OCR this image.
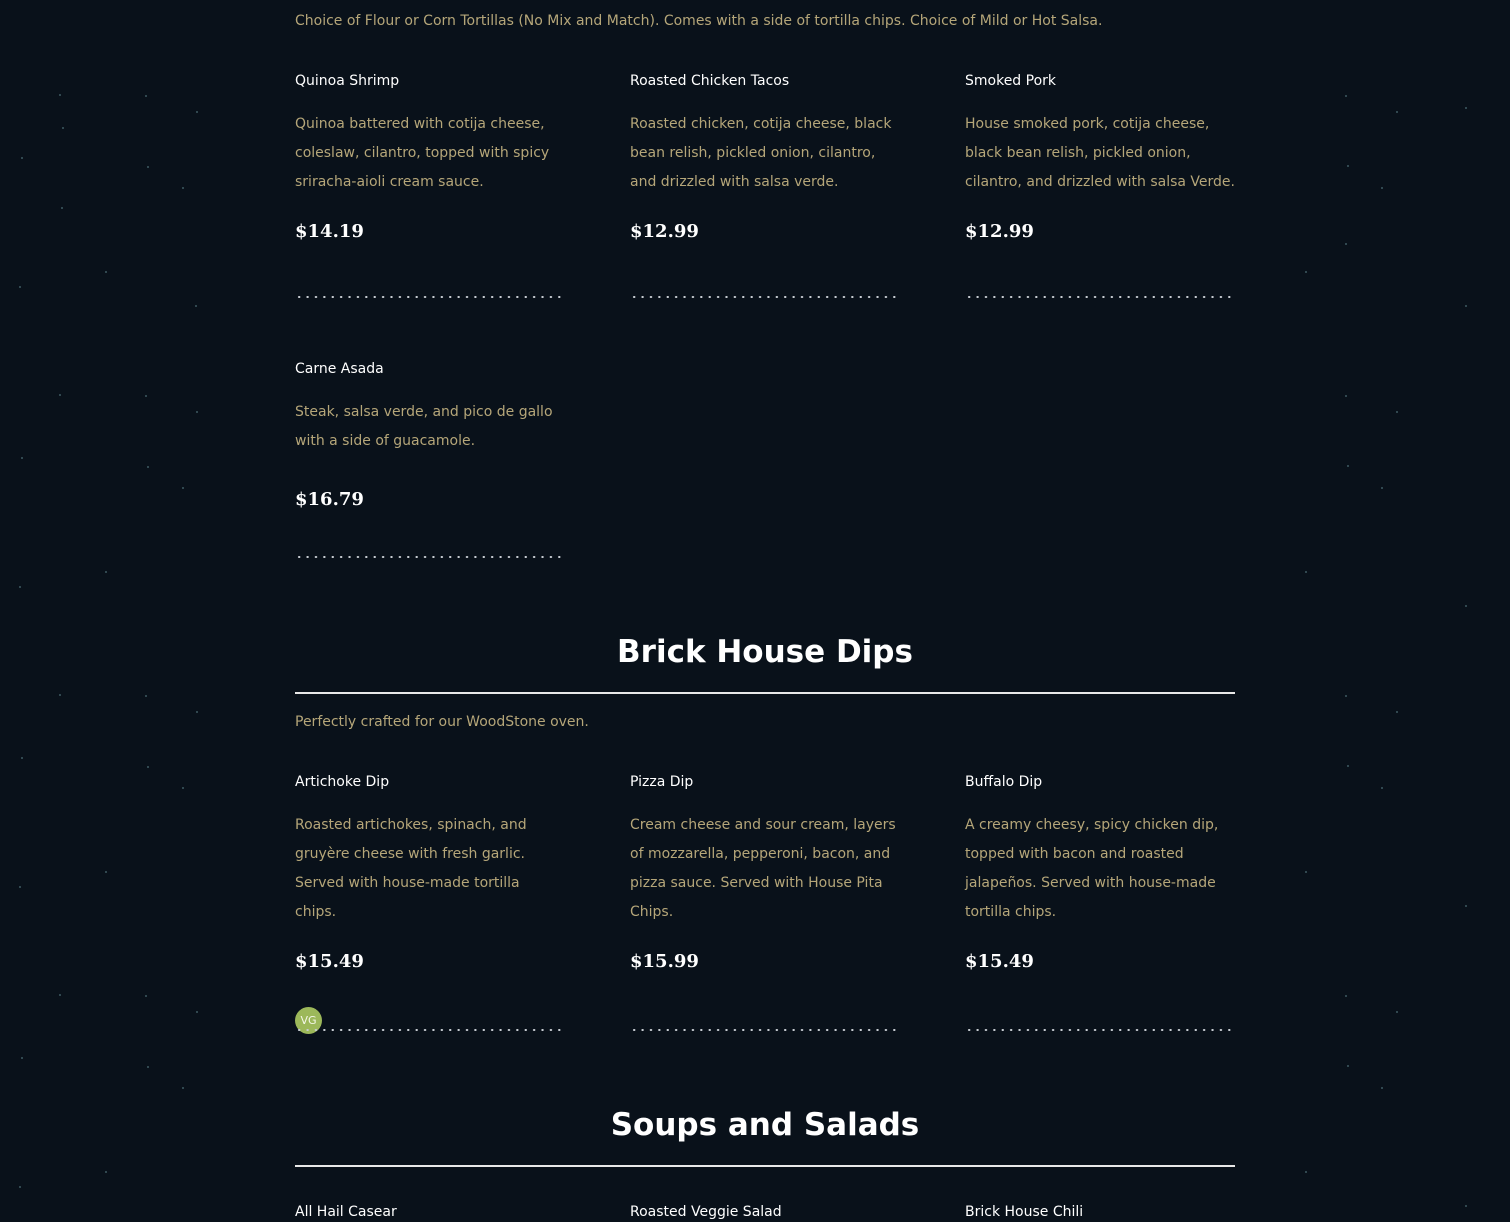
Choice of Flour or Corn Tortillas (No Mix and Match). Comes with a side of tortilla chips. Choice of Mild or Hot Salsa.
Quinoa Shrimp
Quinoa battered with cotija cheese, coleslaw, cilantro, topped with spicy sriracha-aioli cream sauce.
$14.19
Roasted Chicken Tacos
Roasted chicken, cotija cheese, black bean relish, pickled onion, cilantro, and drizzled with salsa verde.
$12.99
Smoked Pork
House smoked pork, cotija cheese, black bean relish, pickled onion, cilantro, and drizzled with salsa Verde.
$12.99
Carne Asada
Steak, salsa verde, and pico de gallo with a side of guacamole.
$16.79
Brick House Dips
Perfectly crafted for our WoodStone oven.
Artichoke Dip
Roasted artichokes, spinach, and gruyère cheese with fresh garlic. Served with house-made tortilla chips.
$15.49
VG
Pizza Dip
Cream cheese and sour cream, layers of mozzarella, pepperoni, bacon, and pizza sauce. Served with House Pita Chips.
$15.99
Buffalo Dip
A creamy cheesy, spicy chicken dip, topped with bacon and roasted jalapeños. Served with house-made tortilla chips.
$15.49
Soups and Salads
All Hail Casear	Roasted Veggie Salad	Brick House Chili
